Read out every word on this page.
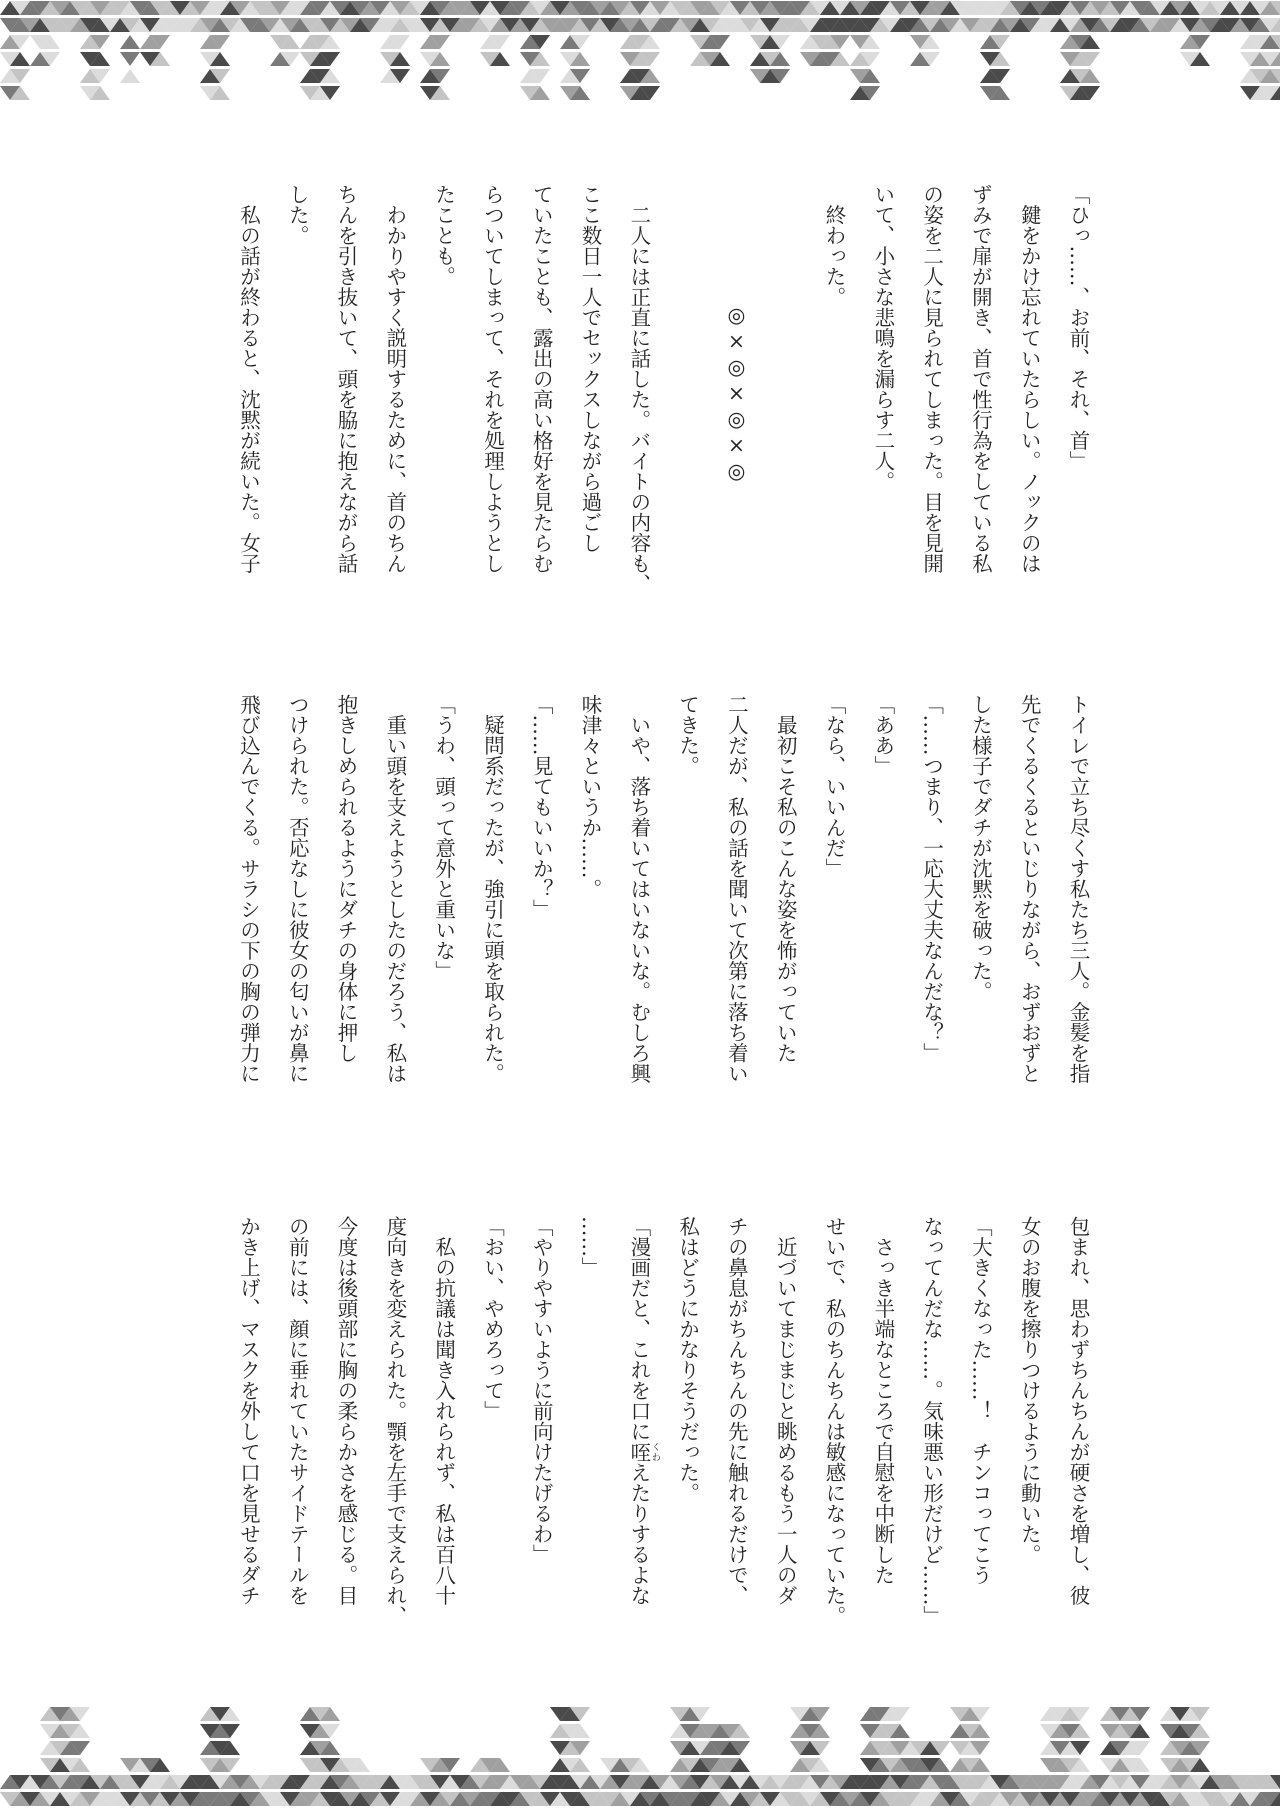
「ひっ……、お前、それ、首」
　鍵をかけ忘れていたらしい。ノックのは
ずみで扉が開き、首で性行為をしている私
の姿を二人に見られてしまった。目を見開
いて、小さな悲鳴を漏らす二人。
　終わった。
◎×◎×◎×◎
　二人には正直に話した。バイトの内容も、
ここ数日一人でセックスしながら過ごし
ていたことも、露出の高い格好を見たらむ
らついてしまって、それを処理しようとし
たことも。
　わかりやすく説明するために、首のちん
ちんを引き抜いて、頭を脇に抱えながら話
した。
　私の話が終わると、沈黙が続いた。女子
トイレで立ち尽くす私たち三人。金髪を指
先でくるくるといじりながら、おずおずと
した様子でダチが沈黙を破った。
「……つまり、一応大丈夫なんだな？」
「ああ」
「なら、いいんだ」
　最初こそ私のこんな姿を怖がっていた
二人だが、私の話を聞いて次第に落ち着い
てきた。
　いや、落ち着いてはいないな。むしろ興
味津々というか……。
「……見てもいいか？」
　疑問系だったが、強引に頭を取られた。
「うわ、頭って意外と重いな」
　重い頭を支えようとしたのだろう、私は
抱きしめられるようにダチの身体に押し
つけられた。否応なしに彼女の匂いが鼻に
飛び込んでくる。サラシの下の胸の弾力に
包まれ、思わずちんちんが硬さを増し、彼
女のお腹を擦りつけるように動いた。
「大きくなった……！　チンコってこう
なってんだな……。気味悪い形だけど……」
　さっき半端なところで自慰を中断した
せいで、私のちんちんは敏感になっていた。
　近づいてまじまじと眺めるもう一人のダ
チの鼻息がちんちんの先に触れるだけで、
私はどうにかなりそうだった。
「漫画だと、これを口に咥 くわえたりするよな
……」
「やりやすいように前向けたげるわ」
「おい、やめろって」
　私の抗議は聞き入れられず、私は百八十
度向きを変えられた。顎を左手で支えられ、
今度は後頭部に胸の柔らかさを感じる。目
の前には、顔に垂れていたサイドテールを
かき上げ、マスクを外して口を見せるダチ
